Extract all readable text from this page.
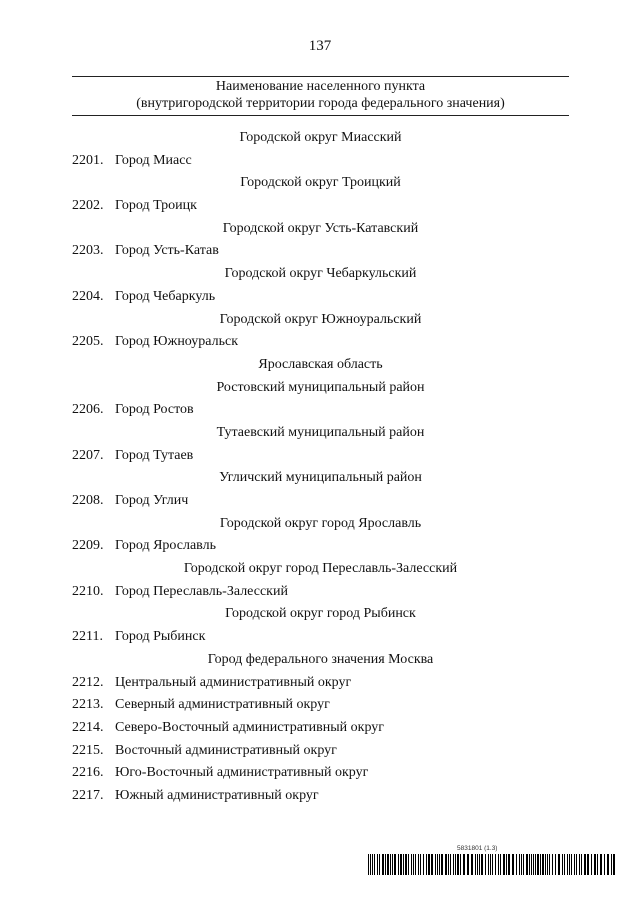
137
Наименование населенного пункта
(внутригородской территории города федерального значения)
Городской округ Миасский
2201. Город Миасс
Городской округ Троицкий
2202. Город Троицк
Городской округ Усть-Катавский
2203. Город Усть-Катав
Городской округ Чебаркульский
2204. Город Чебаркуль
Городской округ Южноуральский
2205. Город Южноуральск
Ярославская область
Ростовский муниципальный район
2206. Город Ростов
Тутаевский муниципальный район
2207. Город Тутаев
Угличский муниципальный район
2208. Город Углич
Городской округ город Ярославль
2209. Город Ярославль
Городской округ город Переславль-Залесский
2210. Город Переславль-Залесский
Городской округ город Рыбинск
2211. Город Рыбинск
Город федерального значения Москва
2212. Центральный административный округ
2213. Северный административный округ
2214. Северо-Восточный административный округ
2215. Восточный административный округ
2216. Юго-Восточный административный округ
2217. Южный административный округ
5831801 (1.3)
